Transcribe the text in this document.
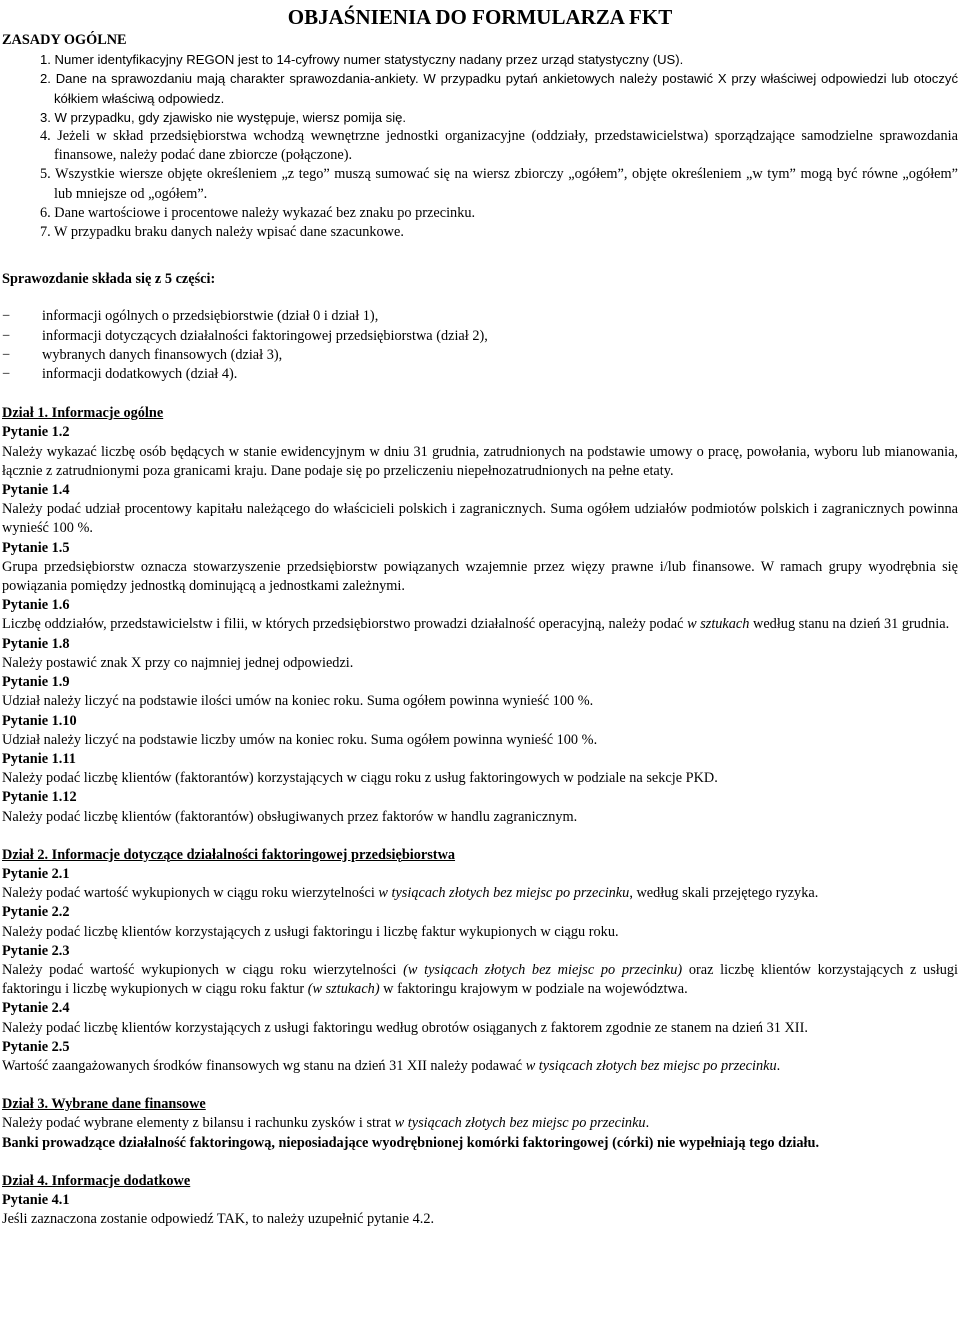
OBJAŚNIENIA DO FORMULARZA FKT
ZASADY OGÓLNE
1. Numer identyfikacyjny REGON jest to 14-cyfrowy numer statystyczny nadany przez urząd statystyczny (US).
2. Dane na sprawozdaniu mają charakter sprawozdania-ankiety. W przypadku pytań ankietowych należy postawić X przy właściwej odpowiedzi lub otoczyć kółkiem właściwą odpowiedz.
3. W przypadku, gdy zjawisko nie występuje, wiersz pomija się.
4. Jeżeli w skład przedsiębiorstwa wchodzą wewnętrzne jednostki organizacyjne (oddziały, przedstawicielstwa) sporządzające samodzielne sprawozdania finansowe, należy podać dane zbiorcze (połączone).
5. Wszystkie wiersze objęte określeniem „z tego” muszą sumować się na wiersz zbiorczy „ogółem”, objęte określeniem „w tym” mogą być równe „ogółem” lub mniejsze od „ogółem”.
6. Dane wartościowe i procentowe należy wykazać bez znaku po przecinku.
7. W przypadku braku danych należy wpisać dane szacunkowe.
Sprawozdanie składa się z 5 części:
− informacji ogólnych o przedsiębiorstwie (dział 0 i dział 1),
− informacji dotyczących działalności faktoringowej przedsiębiorstwa (dział 2),
− wybranych danych finansowych (dział 3),
− informacji dodatkowych (dział 4).
Dział 1. Informacje ogólne
Pytanie 1.2

Należy wykazać liczbę osób będących w stanie ewidencyjnym w dniu 31 grudnia, zatrudnionych na podstawie umowy o pracę, powołania, wyboru lub mianowania, łącznie z zatrudnionymi poza granicami kraju. Dane podaje się po przeliczeniu niepełnozatrudnionych na pełne etaty.

Pytanie 1.4

Należy podać udział procentowy kapitału należącego do właścicieli polskich i zagranicznych. Suma ogółem udziałów podmiotów polskich i zagranicznych powinna wynieść 100 %.

Pytanie 1.5

Grupa przedsiębiorstw oznacza stowarzyszenie przedsiębiorstw powiązanych wzajemnie przez więzy prawne i/lub finansowe. W ramach grupy wyodrębnia się powiązania pomiędzy jednostką dominującą a jednostkami zależnymi.

Pytanie 1.6

Liczbę oddziałów, przedstawicielstw i filii, w których przedsiębiorstwo prowadzi działalność operacyjną, należy podać w sztukach według stanu na dzień 31 grudnia.

Pytanie 1.8

Należy postawić znak X przy co najmniej jednej odpowiedzi.

Pytanie 1.9

Udział należy liczyć na podstawie ilości umów na koniec roku. Suma ogółem powinna wynieść 100 %.

Pytanie 1.10

Udział należy liczyć na podstawie liczby umów na koniec roku. Suma ogółem powinna wynieść 100 %.

Pytanie 1.11

Należy podać liczbę klientów (faktorantów) korzystających w ciągu roku z usług faktoringowych w podziale na sekcje PKD.

Pytanie 1.12

Należy podać liczbę klientów (faktorantów) obsługiwanych przez faktorów w handlu zagranicznym.

Dział 2. Informacje dotyczące działalności faktoringowej przedsiębiorstwa
Pytanie 2.1

Należy podać wartość wykupionych w ciągu roku wierzytelności w tysiącach złotych bez miejsc po przecinku, według skali przejętego ryzyka.

Pytanie 2.2

Należy podać liczbę klientów korzystających z usługi faktoringu i liczbę faktur wykupionych w ciągu roku.

Pytanie 2.3

Należy podać wartość wykupionych w ciągu roku wierzytelności (w tysiącach złotych bez miejsc po przecinku) oraz liczbę klientów korzystających z usługi faktoringu i liczbę wykupionych w ciągu roku faktur (w sztukach) w faktoringu krajowym w podziale na województwa.

Pytanie 2.4

Należy podać liczbę klientów korzystających z usługi faktoringu według obrotów osiąganych z faktorem zgodnie ze stanem na dzień 31 XII.

Pytanie 2.5

Wartość zaangażowanych środków finansowych wg stanu na dzień 31 XII należy podawać w tysiącach złotych bez miejsc po przecinku.

Dział 3. Wybrane dane finansowe

Należy podać wybrane elementy z bilansu i rachunku zysków i strat w tysiącach złotych bez miejsc po przecinku.

Banki prowadzące działalność faktoringową, nieposiadające wyodrębnionej komórki faktoringowej (córki) nie wypełniają tego działu.

Dział 4. Informacje dodatkowe
Pytanie 4.1

Jeśli zaznaczona zostanie odpowiedź TAK, to należy uzupełnić pytanie 4.2.
